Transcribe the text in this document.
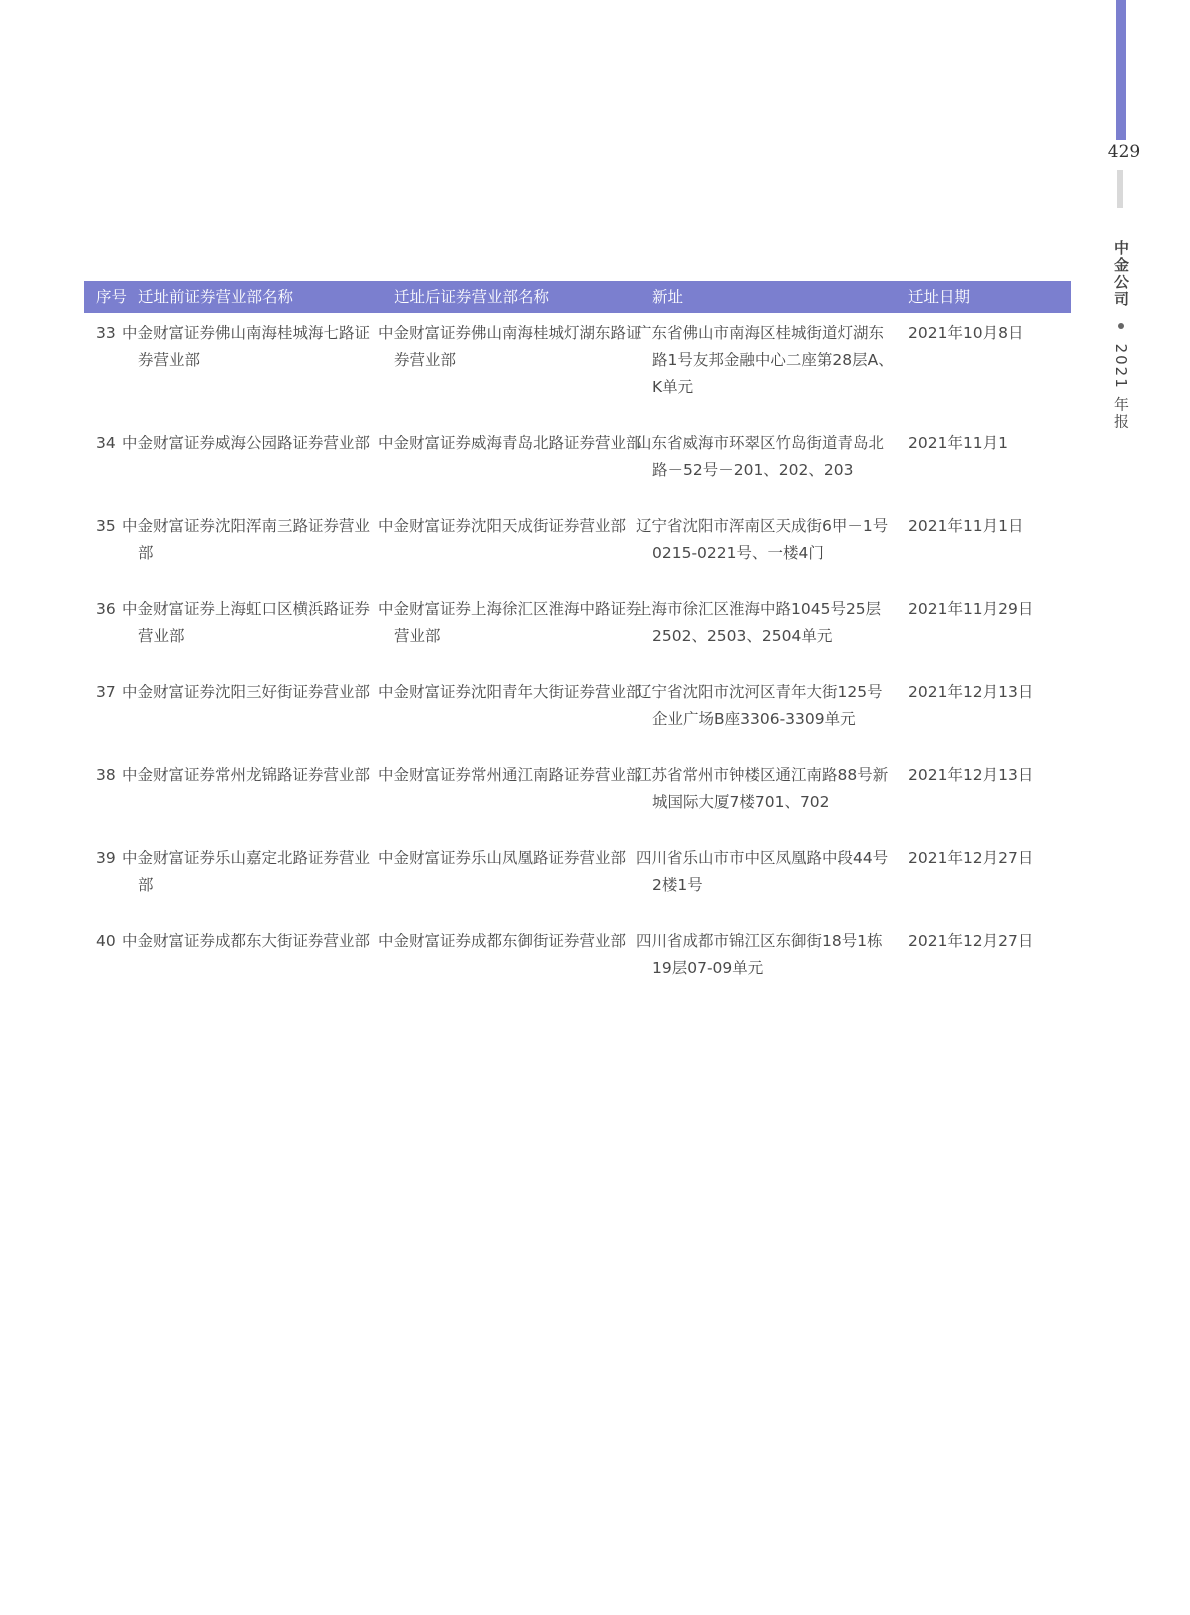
429
中金公司  2021 年报
序号	迁址前证券营业部名称	迁址后证券营业部名称	新址	迁址日期
33	中金财富证券佛山南海桂城海七路证券营业部	中金财富证券佛山南海桂城灯湖东路证券营业部	广东省佛山市南海区桂城街道灯湖东路1号友邦金融中心二座第28层A、K单元	2021年10月8日
34	中金财富证券威海公园路证券营业部	中金财富证券威海青岛北路证券营业部	山东省威海市环翠区竹岛街道青岛北路－52号－201、202、203	2021年11月1
35	中金财富证券沈阳浑南三路证券营业部	中金财富证券沈阳天成街证券营业部	辽宁省沈阳市浑南区天成街6甲－1号0215-0221号、一楼4门	2021年11月1日
36	中金财富证券上海虹口区横浜路证券营业部	中金财富证券上海徐汇区淮海中路证券营业部	上海市徐汇区淮海中路1045号25层2502、2503、2504单元	2021年11月29日
37	中金财富证券沈阳三好街证券营业部	中金财富证券沈阳青年大街证券营业部	辽宁省沈阳市沈河区青年大街125号企业广场B座3306-3309单元	2021年12月13日
38	中金财富证券常州龙锦路证券营业部	中金财富证券常州通江南路证券营业部	江苏省常州市钟楼区通江南路88号新城国际大厦7楼701、702	2021年12月13日
39	中金财富证券乐山嘉定北路证券营业部	中金财富证券乐山凤凰路证券营业部	四川省乐山市市中区凤凰路中段44号2楼1号	2021年12月27日
40	中金财富证券成都东大街证券营业部	中金财富证券成都东御街证券营业部	四川省成都市锦江区东御街18号1栋19层07-09单元	2021年12月27日
